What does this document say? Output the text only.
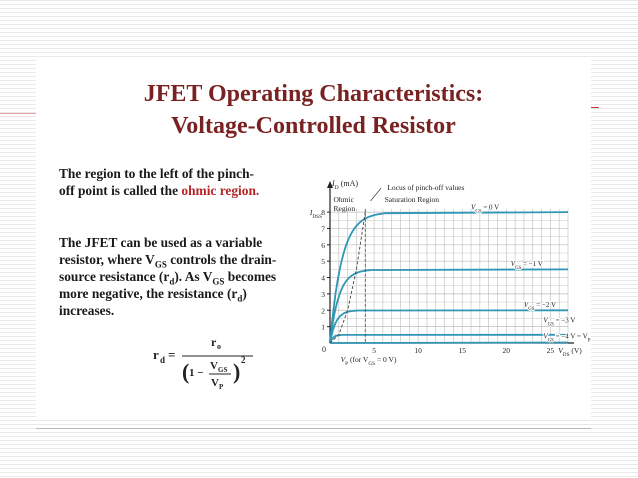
JFET Operating Characteristics:
Voltage-Controlled Resistor
The region to the left of the pinch-off point is called the ohmic region.
The JFET can be used as a variable resistor, where $V_{GS}$ controls the drain-source resistance $(r_d)$. As $V_{GS}$ becomes more negative, the resistance $(r_d)$ increases.
r d =
r o
( 1 −
V GS
V P
) 2
1
2
3
4
5
6
7
8
5	10	15	20	25
0
$I_D$ (mA)	Locus of pinch-off values
Ohmic
Region
Saturation Region
$I_{DSS}$
$V_{DS}$ (V)
$V_P$ (for $V_{GS} = 0$ V)
$V_{GS} = 0$ V
$V_{GS} = -1$ V
$V_{GS} = -2$ V
$V_{GS} = -3$ V
$V_{GS} = -4$ $V = V_P$
